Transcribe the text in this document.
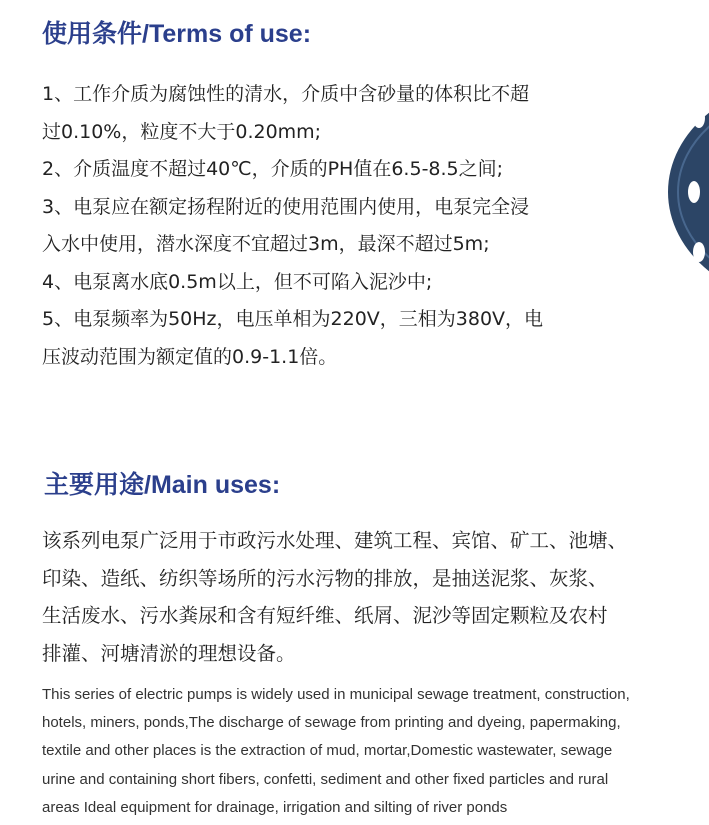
使用条件/Terms of use:
1、工作介质为腐蚀性的清水，介质中含砂量的体积比不超
过0.10%，粒度不大于0.20mm;
2、介质温度不超过40℃，介质的PH值在6.5-8.5之间;
3、电泵应在额定扬程附近的使用范围内使用，电泵完全浸
入水中使用，潜水深度不宜超过3m，最深不超过5m;
4、电泵离水底0.5m以上，但不可陷入泥沙中;
5、电泵频率为50Hz，电压单相为220V，三相为380V，电
压波动范围为额定值的0.9-1.1倍。
主要用途/Main uses:

该系列电泵广泛用于市政污水处理、建筑工程、宾馆、矿工、池塘、
印染、造纸、纺织等场所的污水污物的排放，是抽送泥浆、灰浆、
生活废水、污水粪尿和含有短纤维、纸屑、泥沙等固定颗粒及农村
排灌、河塘清淤的理想设备。

This series of electric pumps is widely used in municipal sewage treatment, construction,
hotels, miners, ponds,The discharge of sewage from printing and dyeing, papermaking,
textile and other places is the extraction of mud, mortar,Domestic wastewater, sewage
urine and containing short fibers, confetti, sediment and other fixed particles and rural
areas Ideal equipment for drainage, irrigation and silting of river ponds
